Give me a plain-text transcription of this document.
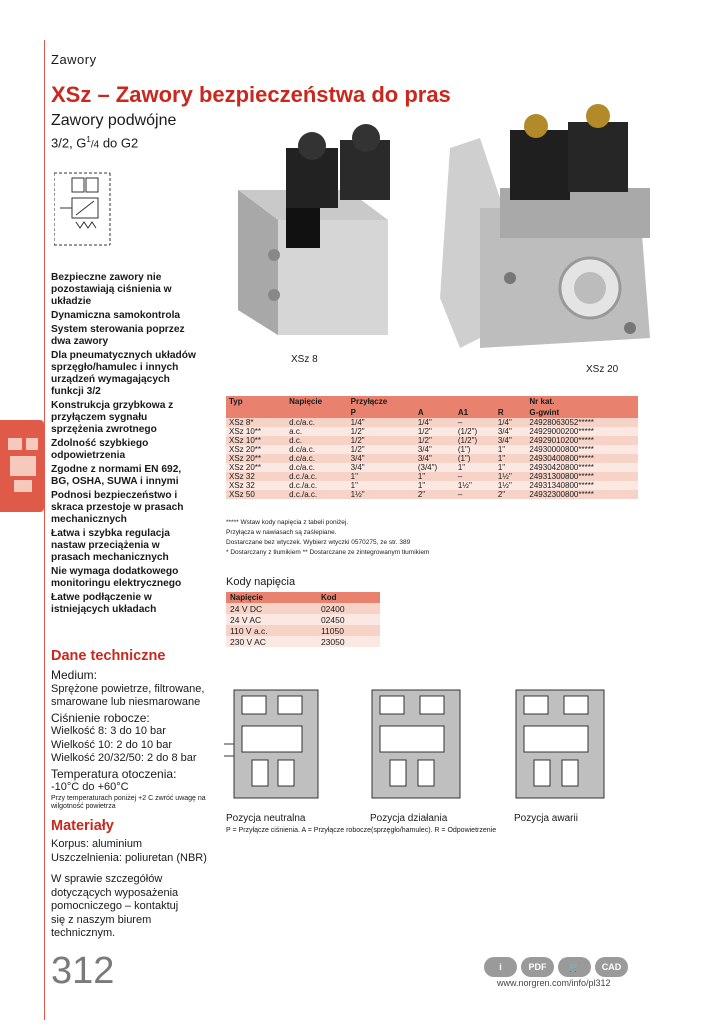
Zawory
XSz – Zawory bezpieczeństwa do pras
Zawory podwójne
3/2, $G^1/4$ do G2
Bezpieczne zawory nie pozostawiają ciśnienia w układzie
Dynamiczna samokontrola
System sterowania poprzez dwa zawory
Dla pneumatycznych układów sprzęgło/hamulec i innych urządzeń wymagających funkcji 3/2
Konstrukcja grzybkowa z przyłączem sygnału sprzężenia zwrotnego
Zdolność szybkiego odpowietrzenia
Zgodne z normami EN 692, BG, OSHA, SUWA i innymi
Podnosi bezpieczeństwo i skraca przestoje w prasach mechanicznych
Łatwa i szybka regulacja nastaw przeciążenia w prasach mechanicznych
Nie wymaga dodatkowego monitoringu elektrycznego
Łatwe podłączenie w istniejących układach
Dane techniczne
Medium:
Sprężone powietrze, filtrowane, smarowane lub niesmarowane
Ciśnienie robocze:
Wielkość 8: 3 do 10 bar
Wielkość 10: 2 do 10 bar
Wielkość 20/32/50: 2 do 8 bar
Temperatura otoczenia:
-10°C do +60°C
Przy temperaturach poniżej +2 C zwróć uwagę na wilgotność powietrza
Materiały
Korpus: aluminium
Uszczelnienia: poliuretan (NBR)
W sprawie szczegółów dotyczących wyposażenia pomocniczego – kontaktuj się z naszym biurem technicznym.
XSz 8
XSz 20
Typ	Napięcie	Przyłącze				Nr kat.
		P	A	A1	R	G-gwint
XSz 8*	d.c/a.c.	1/4"	1/4"	–	1/4"	24928063052*****
XSz 10**	a.c.	1/2"	1/2"	(1/2")	3/4"	24929000200*****
XSz 10**	d.c.	1/2"	1/2"	(1/2")	3/4"	24929010200*****
XSz 20**	d.c/a.c.	1/2"	3/4"	(1")	1"	24930000800*****
XSz 20**	d.c/a.c.	3/4"	3/4"	(1")	1"	24930400800*****
XSz 20**	d.c/a.c.	3/4"	(3/4")	1"	1"	24930420800*****
XSz 32	d.c./a.c.	1"	1"	–	1½"	24931300800*****
XSz 32	d.c./a.c.	1"	1"	1½"	1½"	24931340800*****
XSz 50	d.c./a.c.	1½"	2"	–	2"	24932300800*****
***** Wstaw kody napięcia z tabeli poniżej.
Przyłącza w nawiasach są zaślepiane.
Dostarczane bez wtyczek. Wybierz wtyczki 0570275, ze str. 389
* Dostarczany z tłumikiem ** Dostarczane ze zintegrowanym tłumikiem
Kody napięcia
Napięcie	Kod
24 V DC	02400
24 V AC	02450
110 V a.c.	11050
230 V AC	23050
Pozycja neutralna	Pozycja działania	Pozycja awarii
P = Przyłącze ciśnienia. A = Przyłącze robocze(sprzęgło/hamulec). R = Odpowietrzenie
312	i	PDF	🛒	CAD
www.norgren.com/info/pl312
